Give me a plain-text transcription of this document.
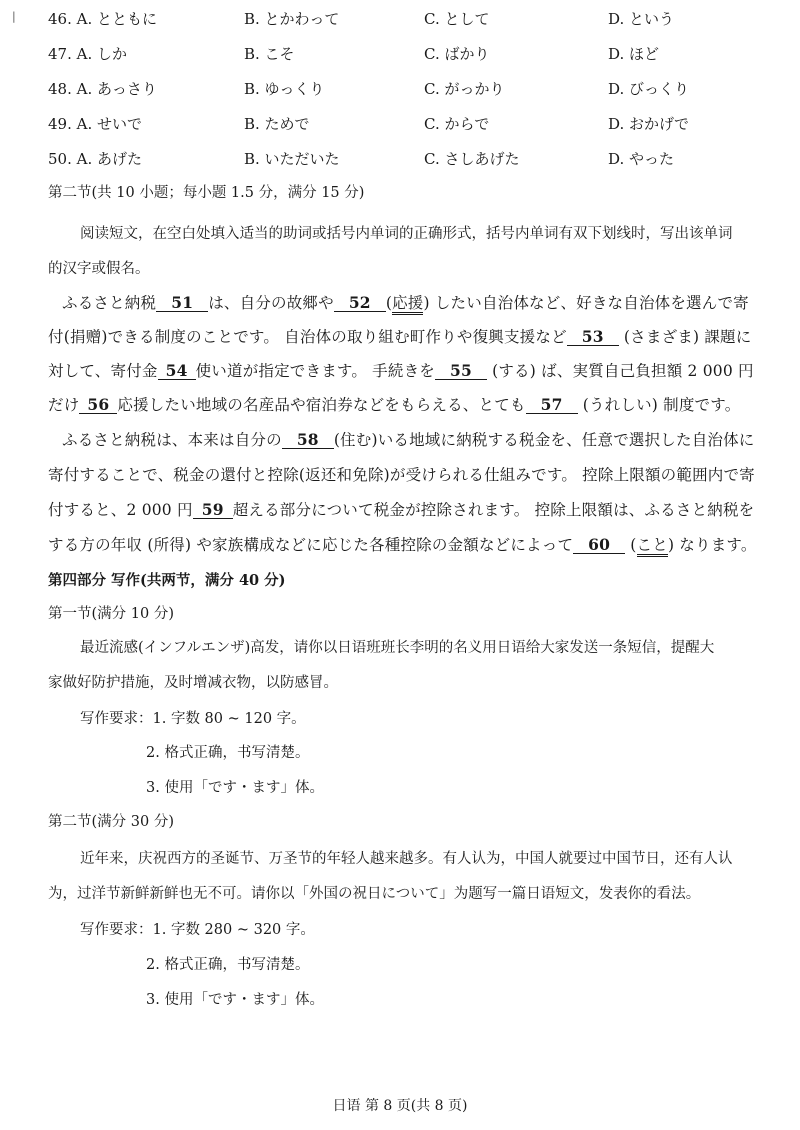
| 46. A. とともに	B. とかわって	C. として	D. という
47. A. しか	B. こそ	C. ばかり	D. ほど
48. A. あっさり	B. ゆっくり	C. がっかり	D. びっくり
49. A. せいで	B. ためで	C. からで	D. おかげで
50. A. あげた	B. いただいた	C. さしあげた	D. やった
第二节(共 10 小题；每小题 1.5 分，满分 15 分)
阅读短文，在空白处填入适当的助词或括号内单词的正确形式，括号内单词有双下划线时，写出该单词
的汉字或假名。
ふるさと納税 51 は、自分の故郷や 52 (応援) したい自治体など、好きな自治体を選んで寄
付(捐赠)できる制度のことです。 自治体の取り組む町作りや復興支援など 53 (さまざま) 課題に
対して、寄付金 54 使い道が指定できます。 手続きを 55 (する) ば、実質自己負担額 2 000 円
だけ 56 応援したい地域の名産品や宿泊券などをもらえる、とても 57 (うれしい) 制度です。
ふるさと納税は、本来は自分の 58 (住む)いる地域に納税する税金を、任意で選択した自治体に
寄付することで、税金の還付と控除(返还和免除)が受けられる仕組みです。 控除上限額の範囲内で寄
付すると、2 000 円 59 超える部分について税金が控除されます。 控除上限額は、ふるさと納税を
する方の年収 (所得) や家族構成などに応じた各種控除の金額などによって 60 (こと) なります。
第四部分 写作(共两节，满分 40 分)
第一节(满分 10 分)
最近流感(インフルエンザ)高发，请你以日语班班长李明的名义用日语给大家发送一条短信，提醒大
家做好防护措施，及时增减衣物，以防感冒。
写作要求：1. 字数 80 ~ 120 字。
2. 格式正确，书写清楚。
3. 使用「です・ます」体。
第二节(满分 30 分)
近年来，庆祝西方的圣诞节、万圣节的年轻人越来越多。有人认为，中国人就要过中国节日，还有人认
为，过洋节新鲜新鲜也无不可。请你以「外国の祝日について」为题写一篇日语短文，发表你的看法。
写作要求：1. 字数 280 ~ 320 字。
2. 格式正确，书写清楚。
3. 使用「です・ます」体。
日语 第 8 页(共 8 页)
